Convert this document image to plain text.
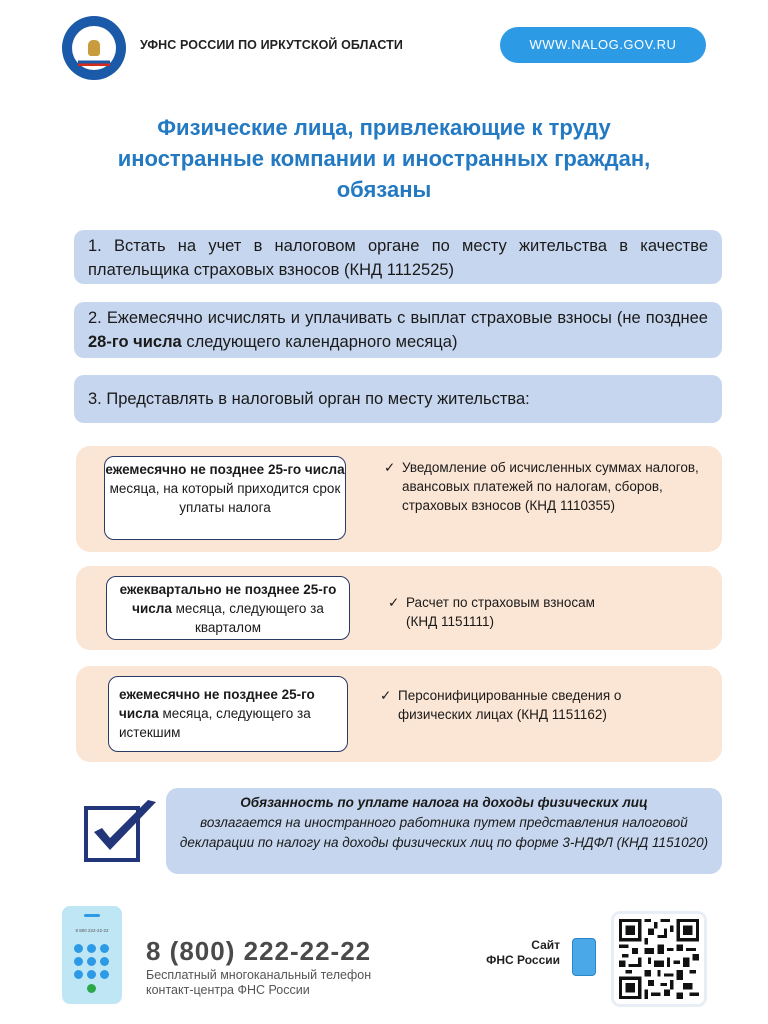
УФНС РОССИИ ПО ИРКУТСКОЙ ОБЛАСТИ	WWW.NALOG.GOV.RU
Физические лица, привлекающие к труду
иностранные компании и иностранных граждан,
обязаны
1. Встать на учет в налоговом органе по месту жительства в качестве плательщика страховых взносов (КНД 1112525)
2. Ежемесячно исчислять и уплачивать с выплат страховые взносы (не позднее 28-го числа следующего календарного месяца)
3. Представлять в налоговый орган по месту жительства:
ежемесячно не позднее 25-го числа месяца, на который приходится срок уплаты налога
✓ Уведомление об исчисленных суммах налогов, авансовых платежей по налогам, сборов, страховых взносов (КНД 1110355)
ежеквартально не позднее 25-го числа месяца, следующего за кварталом
✓ Расчет по страховым взносам (КНД 1151111)
ежемесячно не позднее 25-го числа месяца, следующего за истекшим
✓ Персонифицированные сведения о физических лицах (КНД 1151162)
Обязанность по уплате налога на доходы физических лиц
возлагается на иностранного работника путем представления налоговой декларации по налогу на доходы физических лиц по форме 3-НДФЛ (КНД 1151020)
8 800 222-22-22
8 (800) 222-22-22
Бесплатный многоканальный телефон
контакт-центра ФНС России
Сайт
ФНС России
